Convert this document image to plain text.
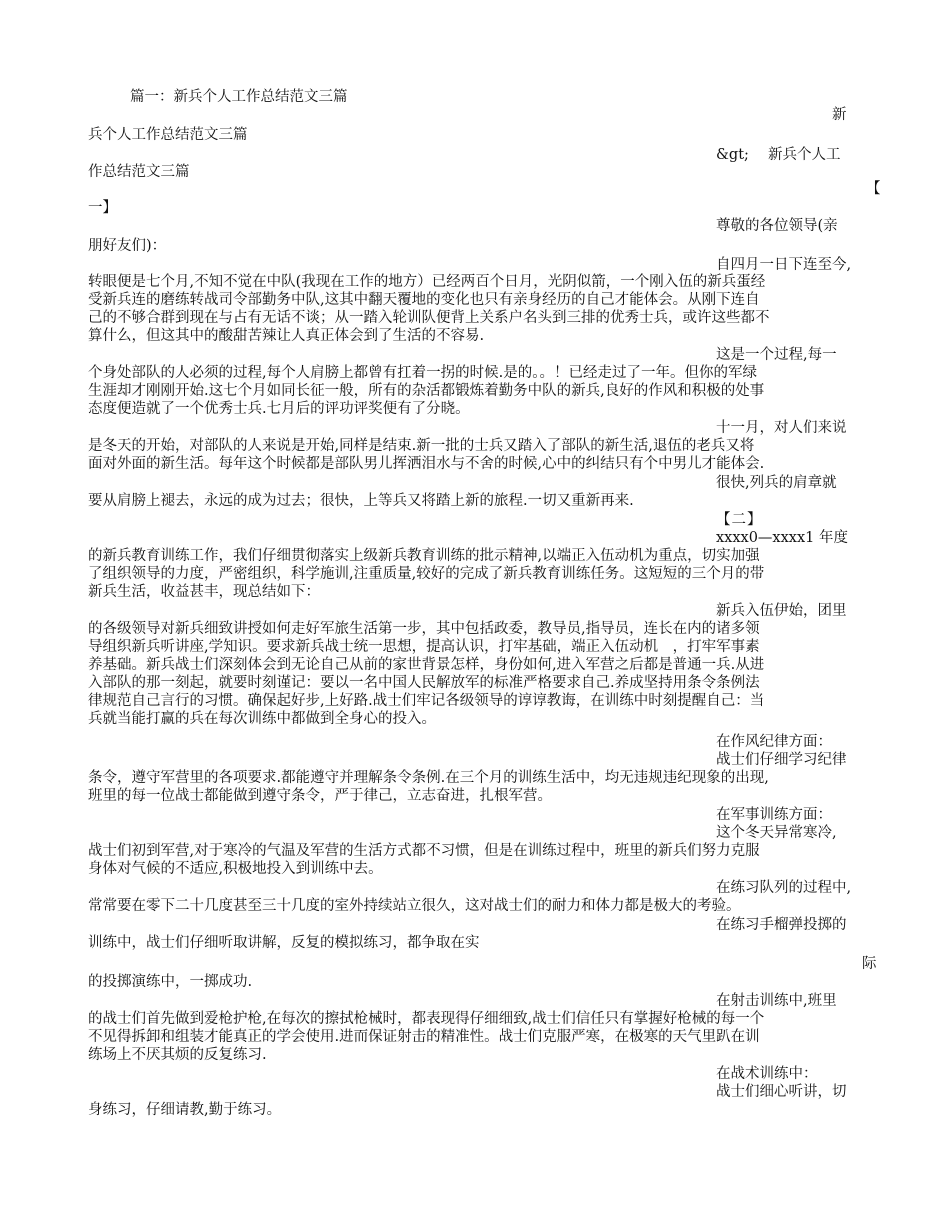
篇一：新兵个人工作总结范文三篇
新
兵个人工作总结范文三篇
&gt;　 新兵个人工
作总结范文三篇
【
一】
尊敬的各位领导(亲
朋好友们)：
自四月一日下连至今,
转眼便是七个月,不知不觉在中队(我现在工作的地方）已经两百个日月，光阴似箭，一个刚入伍的新兵蛋经
受新兵连的磨练转战司令部勤务中队,这其中翻天覆地的变化也只有亲身经历的自己才能体会。从刚下连自
己的不够合群到现在与占有无话不谈；从一踏入轮训队便背上关系户名头到三排的优秀士兵，或许这些都不
算什么，但这其中的酸甜苦辣让人真正体会到了生活的不容易.
这是一个过程,每一
个身处部队的人必须的过程,每个人肩膀上都曾有扛着一拐的时候.是的。。！已经走过了一年。但你的军绿
生涯却才刚刚开始.这七个月如同长征一般，所有的杂活都锻炼着勤务中队的新兵,良好的作风和积极的处事
态度便造就了一个优秀士兵.七月后的评功评奖便有了分晓。
十一月，对人们来说
是冬天的开始，对部队的人来说是开始,同样是结束.新一批的士兵又踏入了部队的新生活,退伍的老兵又将
面对外面的新生活。每年这个时候都是部队男儿挥洒泪水与不舍的时候,心中的纠结只有个中男儿才能体会.
很快,列兵的肩章就
要从肩膀上褪去，永远的成为过去；很快，上等兵又将踏上新的旅程.一切又重新再来.
【二】
xxxx0—xxxx1 年度
的新兵教育训练工作，我们仔细贯彻落实上级新兵教育训练的批示精神,以端正入伍动机为重点，切实加强
了组织领导的力度，严密组织，科学施训,注重质量,较好的完成了新兵教育训练任务。这短短的三个月的带
新兵生活，收益甚丰，现总结如下：
新兵入伍伊始，团里
的各级领导对新兵细致讲授如何走好军旅生活第一步，其中包括政委，教导员,指导员，连长在内的诸多领
导组织新兵听讲座,学知识。要求新兵战士统一思想，提高认识，打牢基础，端正入伍动机　，打牢军事素
养基础。新兵战士们深刻体会到无论自己从前的家世背景怎样，身份如何,进入军营之后都是普通一兵.从进
入部队的那一刻起，就要时刻谨记：要以一名中国人民解放军的标准严格要求自己.养成坚持用条令条例法
律规范自己言行的习惯。确保起好步,上好路.战士们牢记各级领导的谆谆教诲，在训练中时刻提醒自己：当
兵就当能打赢的兵在每次训练中都做到全身心的投入。
在作风纪律方面：
战士们仔细学习纪律
条令，遵守军营里的各项要求.都能遵守并理解条令条例.在三个月的训练生活中，均无违规违纪现象的出现,
班里的每一位战士都能做到遵守条令，严于律己，立志奋进，扎根军营。
在军事训练方面：
这个冬天异常寒冷,
战士们初到军营,对于寒冷的气温及军营的生活方式都不习惯，但是在训练过程中，班里的新兵们努力克服
身体对气候的不适应,积极地投入到训练中去。
在练习队列的过程中,
常常要在零下二十几度甚至三十几度的室外持续站立很久，这对战士们的耐力和体力都是极大的考验。
在练习手榴弹投掷的
训练中，战士们仔细听取讲解，反复的模拟练习，都争取在实
际
的投掷演练中，一掷成功.
在射击训练中,班里
的战士们首先做到爱枪护枪,在每次的擦拭枪械时，都表现得仔细细致,战士们信任只有掌握好枪械的每一个
不见得拆卸和组装才能真正的学会使用.进而保证射击的精准性。战士们克服严寒，在极寒的天气里趴在训
练场上不厌其烦的反复练习.
在战术训练中：
战士们细心听讲，切
身练习，仔细请教,勤于练习。
